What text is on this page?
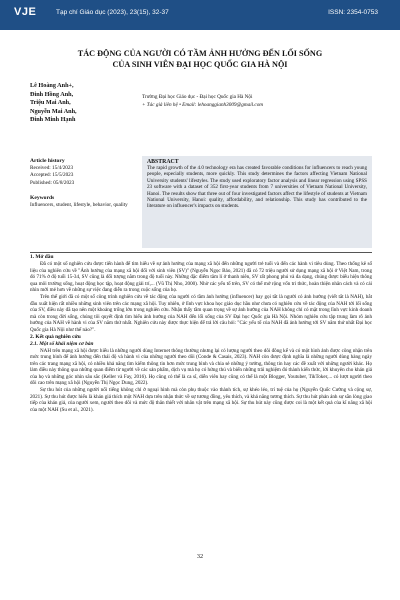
VJE	Tạp chí Giáo dục (2023), 23(15), 32-37	ISSN: 2354-0753
TÁC ĐỘNG CỦA NGƯỜI CÓ TẦM ẢNH HƯỞNG ĐẾN LỐI SỐNG
CỦA SINH VIÊN ĐẠI HỌC QUỐC GIA HÀ NỘI
Lê Hoàng Anh+,
Đinh Hồng Anh,
Triệu Mai Anh,
Nguyễn Mai Anh,
Đinh Minh Hạnh
Trường Đại học Giáo dục - Đại học Quốc gia Hà Nội
+ Tác giả liên hệ • Email: lehoanggianh3009@gmail.com
Article history
Received: 15/4/2023
Accepted: 15/5/2023
Published: 05/8/2023
Keywords
Influencers, student, lifestyle, behavior, quality
ABSTRACT
The rapid growth of the 4.0 technology era has created favorable conditions for influencers to reach young people, especially students, more quickly. This study determines the factors affecting Vietnam National University students' lifestyles. The study used exploratory factor analysis and linear regression using SPSS 23 software with a dataset of 352 first-year students from 7 universities of Vietnam National University, Hanoi. The results show that three out of four investigated factors affect the lifestyle of students at Vietnam National University, Hanoi: quality, affordability, and relationship. This study has contributed to the literature on influencer's impacts on students.

1. Mở đầu

Đã có một số nghiên cứu được tiến hành để tìm hiểu về sự ảnh hưởng của mạng xã hội đến những người trẻ tuổi và đến các hành vi tiêu dùng. Theo thống kê số liệu của nghiên cứu về "Ảnh hưởng của mạng xã hội đối với sinh viên (SV)" (Nguyễn Ngọc Bảo, 2021) đã có 72 triệu người sử dụng mạng xã hội ở Việt Nam, trong đó 71% ở độ tuổi 15-34, SV cũng là đối tượng nằm trong độ tuổi này. Những đặc điểm tâm lí ở thanh niên, SV rất phong phú và đa dạng, chúng được biểu hiện thông qua môi trường sống, hoạt động học tập, hoạt động giải trí,... (Vũ Thị Nho, 2000). Nhờ các yếu tố trên, SV có thể mở rộng vốn tri thức, hoàn thiện nhân cách và có cái nhìn mới mẻ hơn về những sự việc đang diễn ra trong cuộc sống của họ.

Trên thế giới đã có một số công trình nghiên cứu về tác động của người có tầm ảnh hưởng (influencer) hay gọi tắt là người có ảnh hưởng (viết tắt là NAH), bắt đầu xuất hiện rất nhiều những sinh viên trên các mạng xã hội. Tuy nhiên, ở lĩnh vực khoa học giáo dục hầu như chưa có nghiên cứu về tác động của NAH tới lối sống của SV, điều này đã tạo nên một khoảng trống lớn trong nghiên cứu. Nhận thấy tầm quan trọng về sự ảnh hưởng của NAH không chỉ có mặt trong lĩnh vực kinh doanh mà còn trong đời sống, chúng tôi quyết định tìm hiểu ảnh hưởng của NAH đến lối sống của SV Đại học Quốc gia Hà Nội. Nhóm nghiên cứu tập trung làm rõ ảnh hưởng của NAH về hành vi của SV năm thứ nhất. Nghiên cứu này được thực hiện để trả lời câu hỏi: "Các yếu tố của NAH đã ảnh hưởng tới SV năm thứ nhất Đại học Quốc gia Hà Nội như thế nào?".

2. Kết quả nghiên cứu

2.1. Một số khái niệm cơ bản

NAH trên mạng xã hội được hiểu là những người dùng Internet thông thường nhưng lại có lượng người theo dõi đông kể và có một hình ảnh được công nhận trên mức trung bình để ảnh hưởng đến thái độ và hành vi của những người theo dõi (Conde & Casais, 2023). NAH còn được định nghĩa là những người dùng hàng ngày trên các trang mạng xã hội, có nhiều khả năng tìm kiếm thông tin hơn mức trung bình và chia sẻ những ý tưởng, thông tin hay các đề xuất với những người khác. Họ làm điều này thông qua những quan điểm từ người về các sản phẩm, dịch vụ mà họ có hứng thú và biến những trải nghiệm đó thành kiến thức, lời khuyên cho khán giả của họ và những góc nhìn sâu sắc (Keller và Fay, 2016). Họ cũng có thể là ca sĩ, diễn viên hay cũng có thể là một Blogger, Youtuber, TikToker,... có lượt người theo dõi cao trên mạng xã hội (Nguyễn Thị Ngọc Dung, 2022).

Sự thu hút của những người nổi tiếng không chỉ ở ngoại hình mà còn phụ thuộc vào thành tích, sự khéo léo, trí tuệ của họ (Nguyễn Quốc Cường và cộng sự, 2021). Sự thu hút được hiểu là khán giả thích một NAH dựa trên nhận thức về sự tương đồng, yêu thích, và khả năng tương thích. Sự thu hút phản ánh sự sẵn lòng giao tiếp của khán giả, của người xem, người theo dõi và mức độ thân thiết với nhân vật trên mạng xã hội. Sự thu hút này cũng được coi là một kết quả của kĩ năng xã hội của một NAH (Su et al., 2021).

32
